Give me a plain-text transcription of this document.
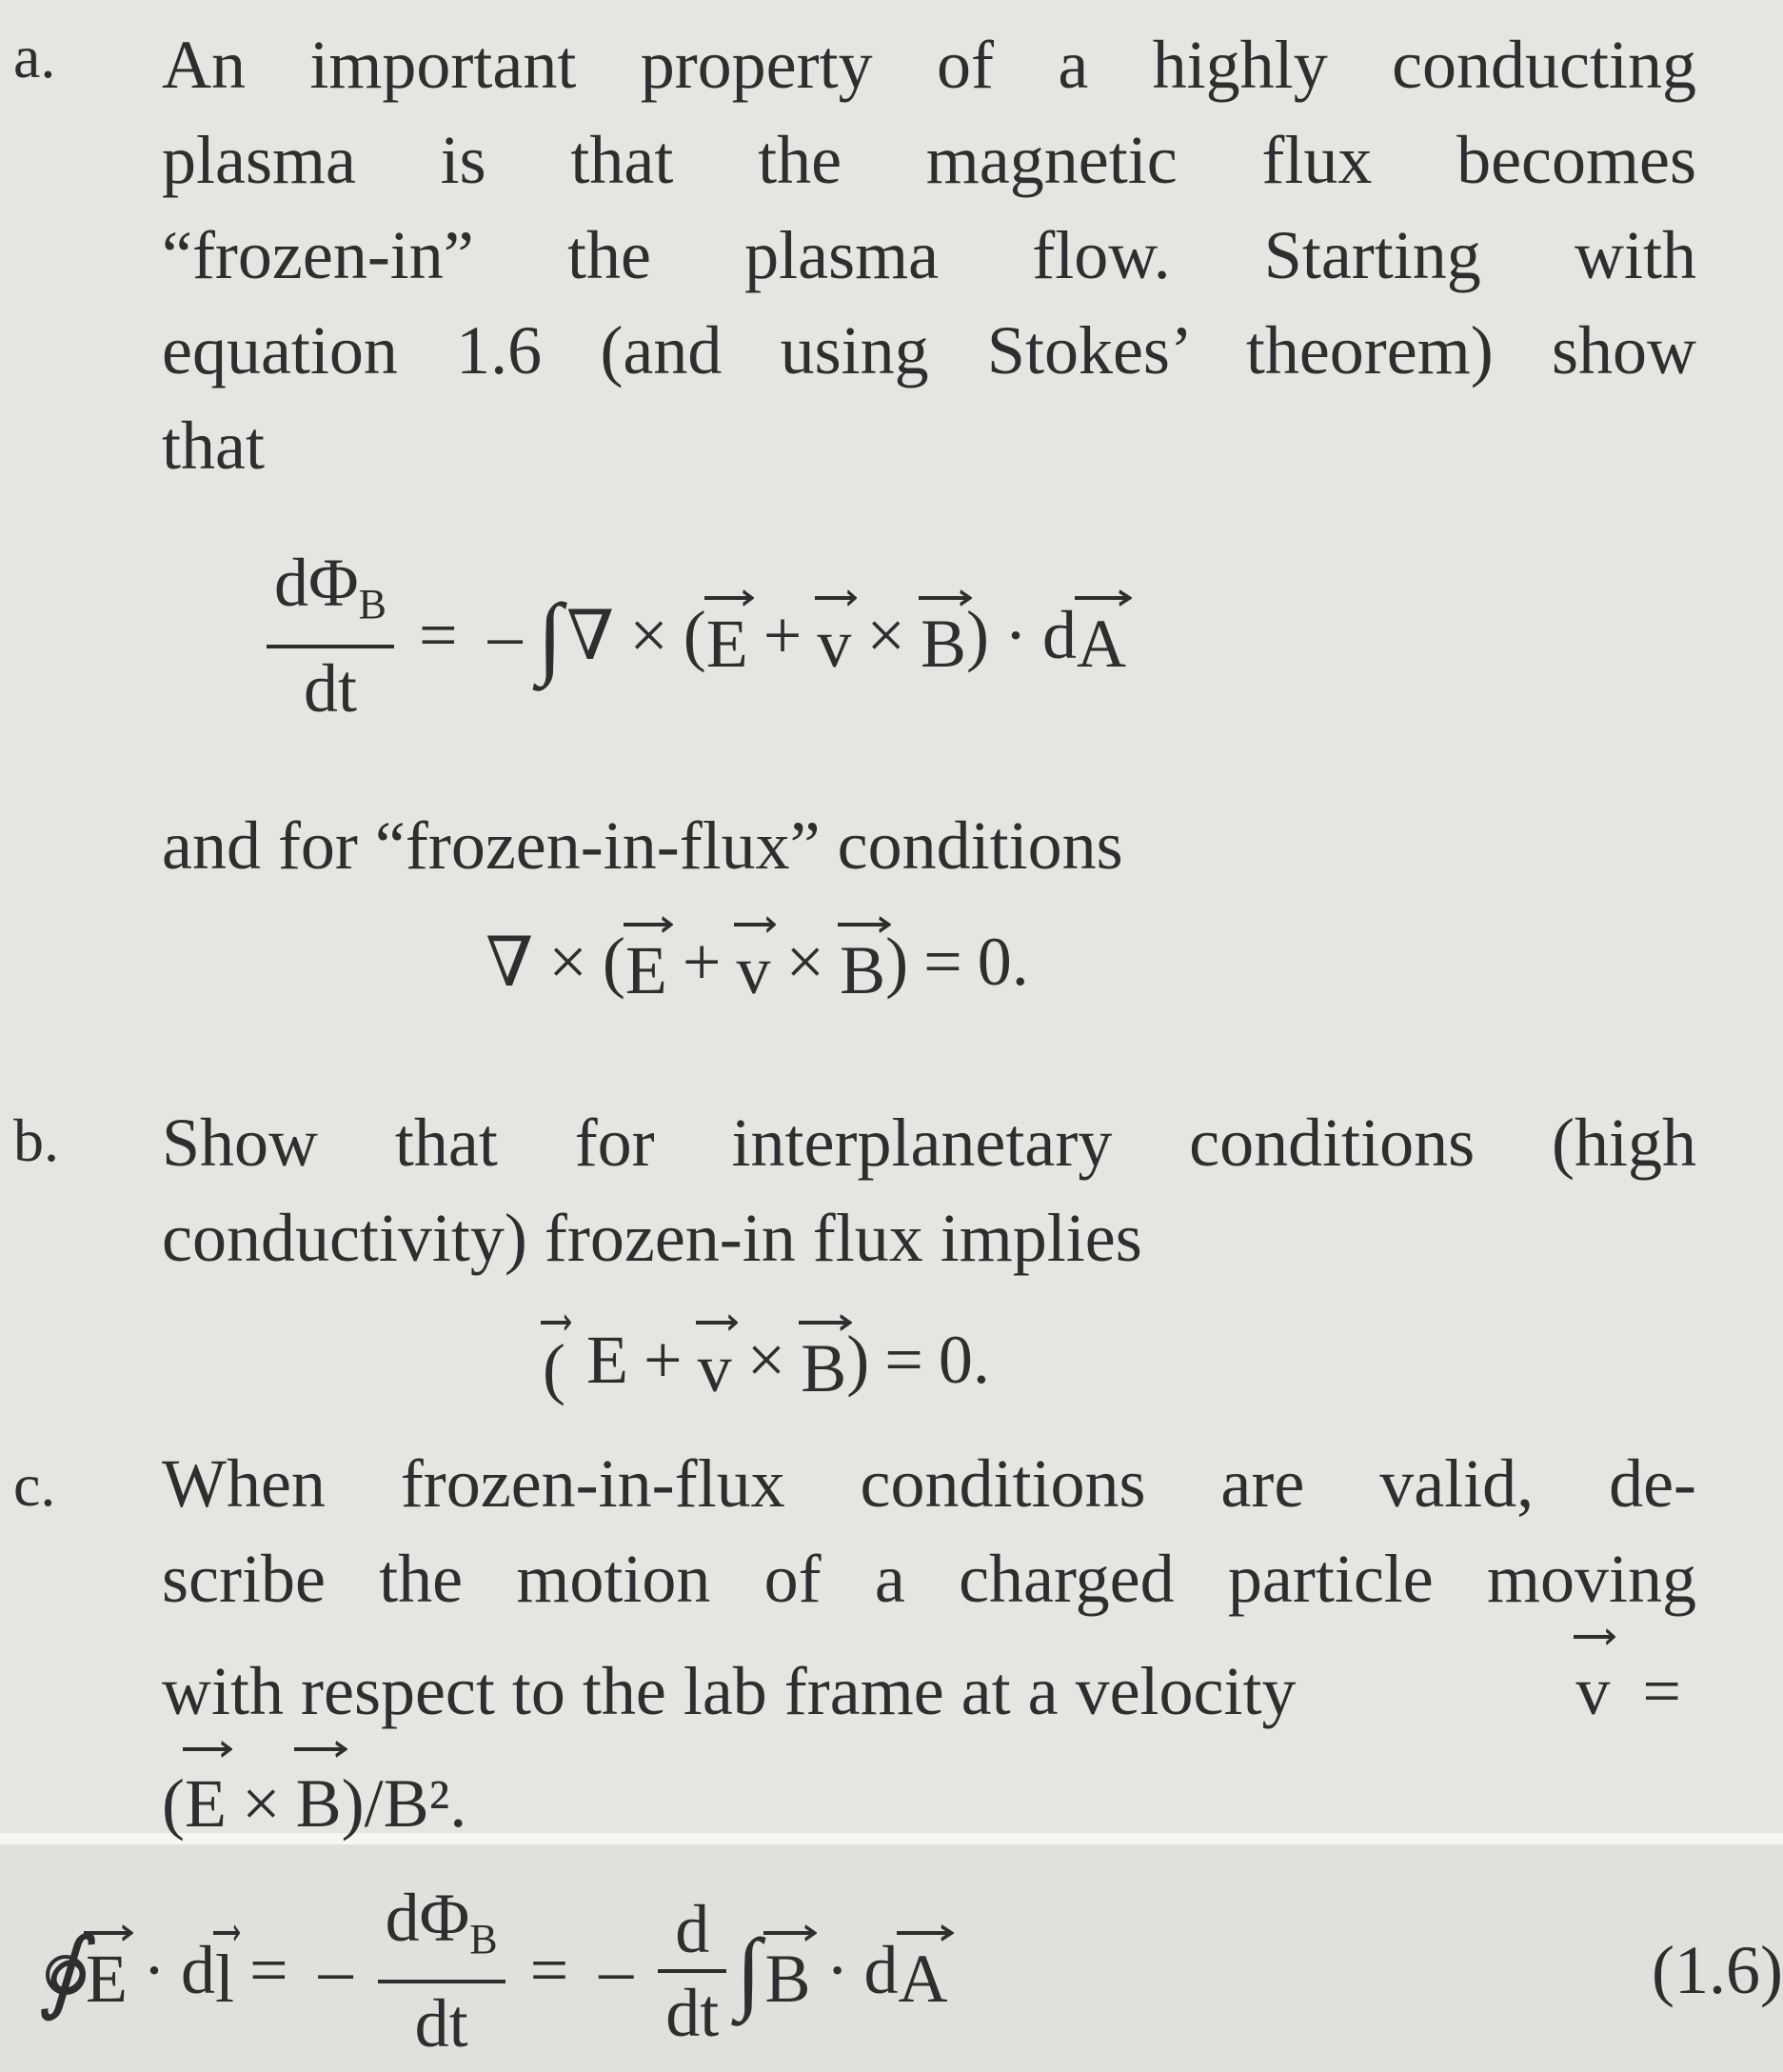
a. An important property of a highly conducting
plasma is that the magnetic flux becomes
“frozen-in” the plasma flow. Starting with
equation 1.6 (and using Stokes’ theorem) show
that
$\frac{d\Phi_B}{dt}$ = – ∫ ∇ × ( E + v × B ) · d A
and for “frozen-in-flux” conditions
∇ × ( E + v × B ) = 0.
b. Show that for interplanetary conditions (high
conductivity) frozen-in flux implies
( E + v × B ) = 0.
c. When frozen-in-flux conditions are valid, de-
scribe the motion of a charged particle moving
with respect to the lab frame at a velocity	v =
(
E × B)/B².
∮ E · d l = – $\frac{d\Phi_B}{dt}$ = – $\frac{d}{dt}$ ∫ B · d A	(1.6)
